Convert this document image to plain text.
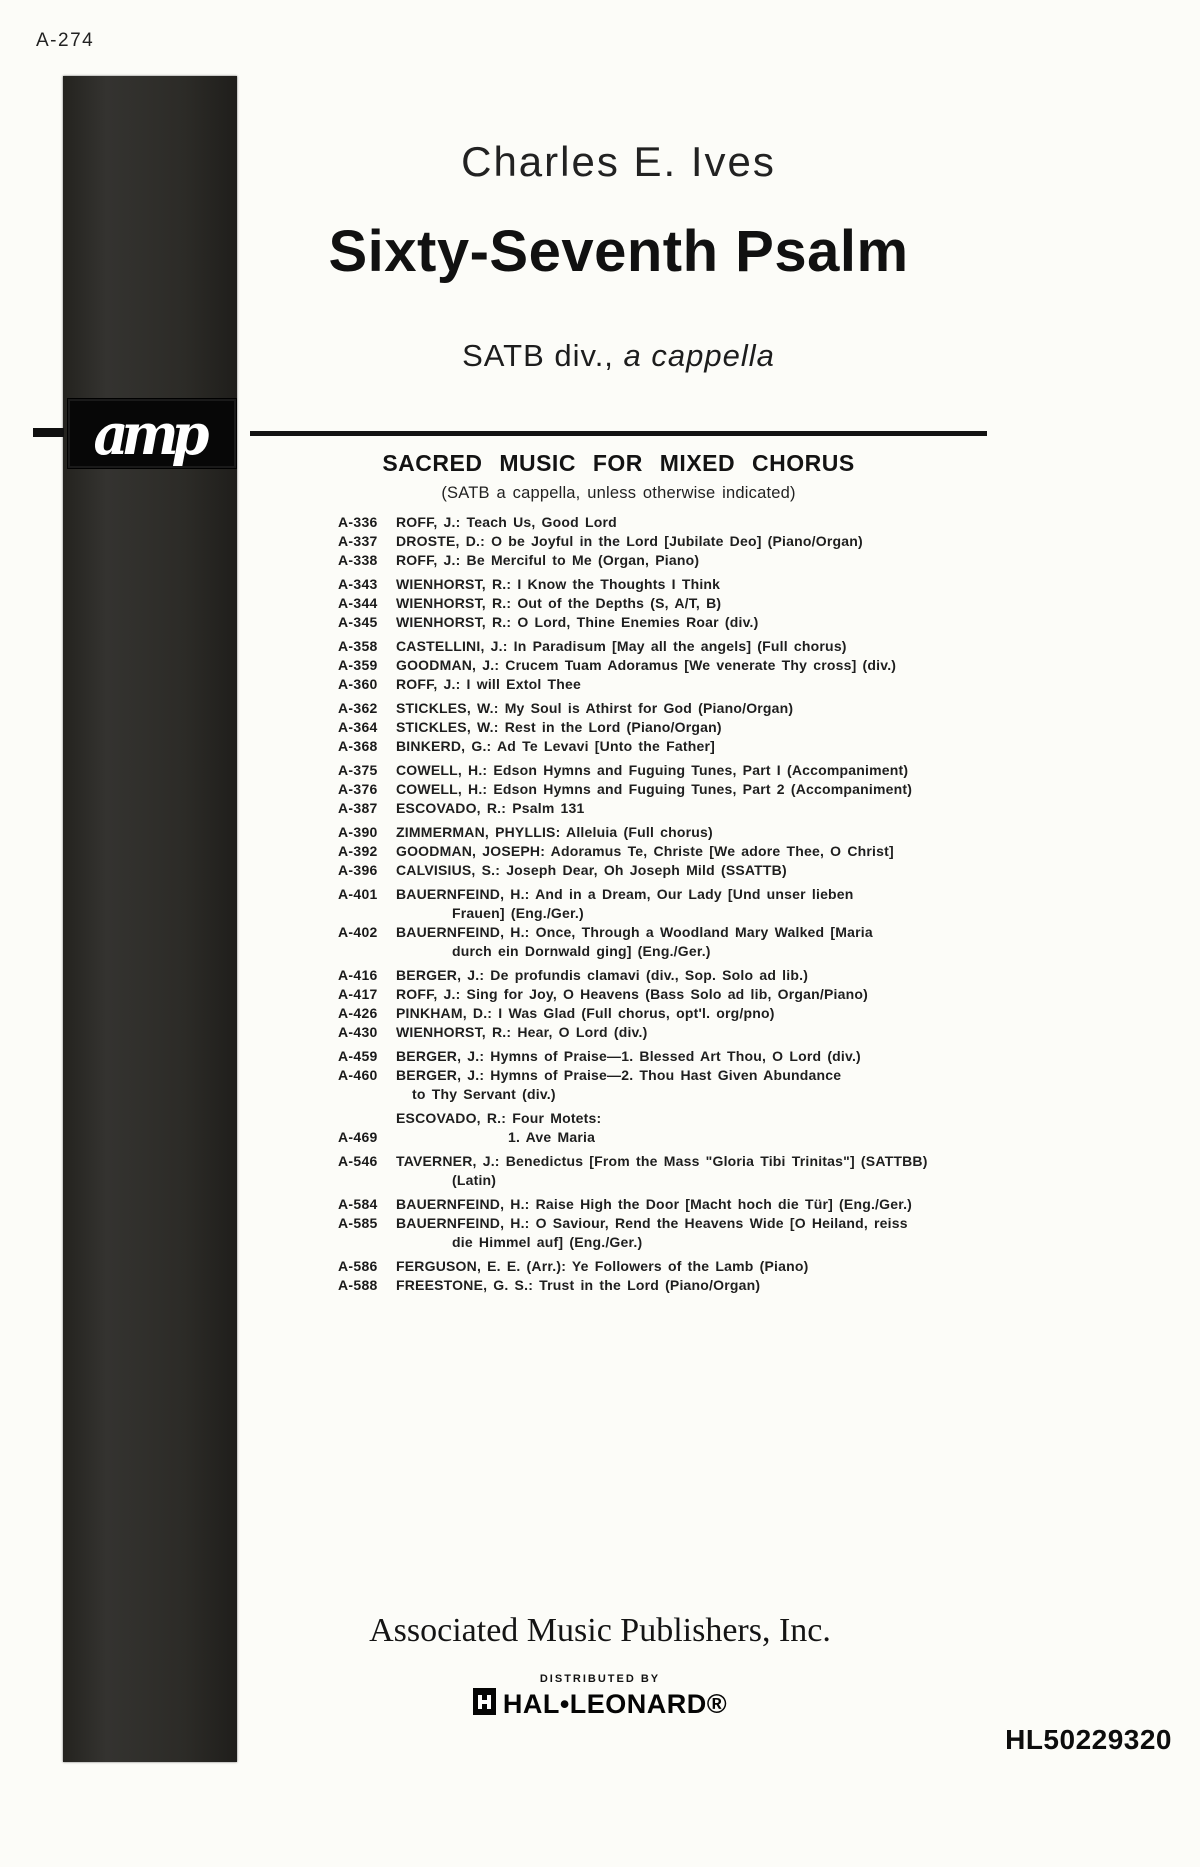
A-274
amp
Charles E. Ives
Sixty-Seventh Psalm
SATB div., a cappella
SACRED MUSIC FOR MIXED CHORUS
(SATB a cappella, unless otherwise indicated)
A-336	ROFF, J.: Teach Us, Good Lord
A-337	DROSTE, D.: O be Joyful in the Lord [Jubilate Deo] (Piano/Organ)
A-338	ROFF, J.: Be Merciful to Me (Organ, Piano)
A-343	WIENHORST, R.: I Know the Thoughts I Think
A-344	WIENHORST, R.: Out of the Depths (S, A/T, B)
A-345	WIENHORST, R.: O Lord, Thine Enemies Roar (div.)
A-358	CASTELLINI, J.: In Paradisum [May all the angels] (Full chorus)
A-359	GOODMAN, J.: Crucem Tuam Adoramus [We venerate Thy cross] (div.)
A-360	ROFF, J.: I will Extol Thee
A-362	STICKLES, W.: My Soul is Athirst for God (Piano/Organ)
A-364	STICKLES, W.: Rest in the Lord (Piano/Organ)
A-368	BINKERD, G.: Ad Te Levavi [Unto the Father]
A-375	COWELL, H.: Edson Hymns and Fuguing Tunes, Part I (Accompaniment)
A-376	COWELL, H.: Edson Hymns and Fuguing Tunes, Part 2 (Accompaniment)
A-387	ESCOVADO, R.: Psalm 131
A-390	ZIMMERMAN, PHYLLIS: Alleluia (Full chorus)
A-392	GOODMAN, JOSEPH: Adoramus Te, Christe [We adore Thee, O Christ]
A-396	CALVISIUS, S.: Joseph Dear, Oh Joseph Mild (SSATTB)
A-401	BAUERNFEIND, H.: And in a Dream, Our Lady [Und unser lieben
Frauen] (Eng./Ger.)
A-402	BAUERNFEIND, H.: Once, Through a Woodland Mary Walked [Maria
durch ein Dornwald ging] (Eng./Ger.)
A-416	BERGER, J.: De profundis clamavi (div., Sop. Solo ad lib.)
A-417	ROFF, J.: Sing for Joy, O Heavens (Bass Solo ad lib, Organ/Piano)
A-426	PINKHAM, D.: I Was Glad (Full chorus, opt'l. org/pno)
A-430	WIENHORST, R.: Hear, O Lord (div.)
A-459	BERGER, J.: Hymns of Praise—1. Blessed Art Thou, O Lord (div.)
A-460	BERGER, J.: Hymns of Praise—2. Thou Hast Given Abundance
to Thy Servant (div.)
ESCOVADO, R.: Four Motets:
A-469	1. Ave Maria
A-546	TAVERNER, J.: Benedictus [From the Mass "Gloria Tibi Trinitas"] (SATTBB)
(Latin)
A-584	BAUERNFEIND, H.: Raise High the Door [Macht hoch die Tür] (Eng./Ger.)
A-585	BAUERNFEIND, H.: O Saviour, Rend the Heavens Wide [O Heiland, reiss
die Himmel auf] (Eng./Ger.)
A-586	FERGUSON, E. E. (Arr.): Ye Followers of the Lamb (Piano)
A-588	FREESTONE, G. S.: Trust in the Lord (Piano/Organ)
Associated Music Publishers, Inc.
DISTRIBUTED BY
HAL•LEONARD®
HL50229320
